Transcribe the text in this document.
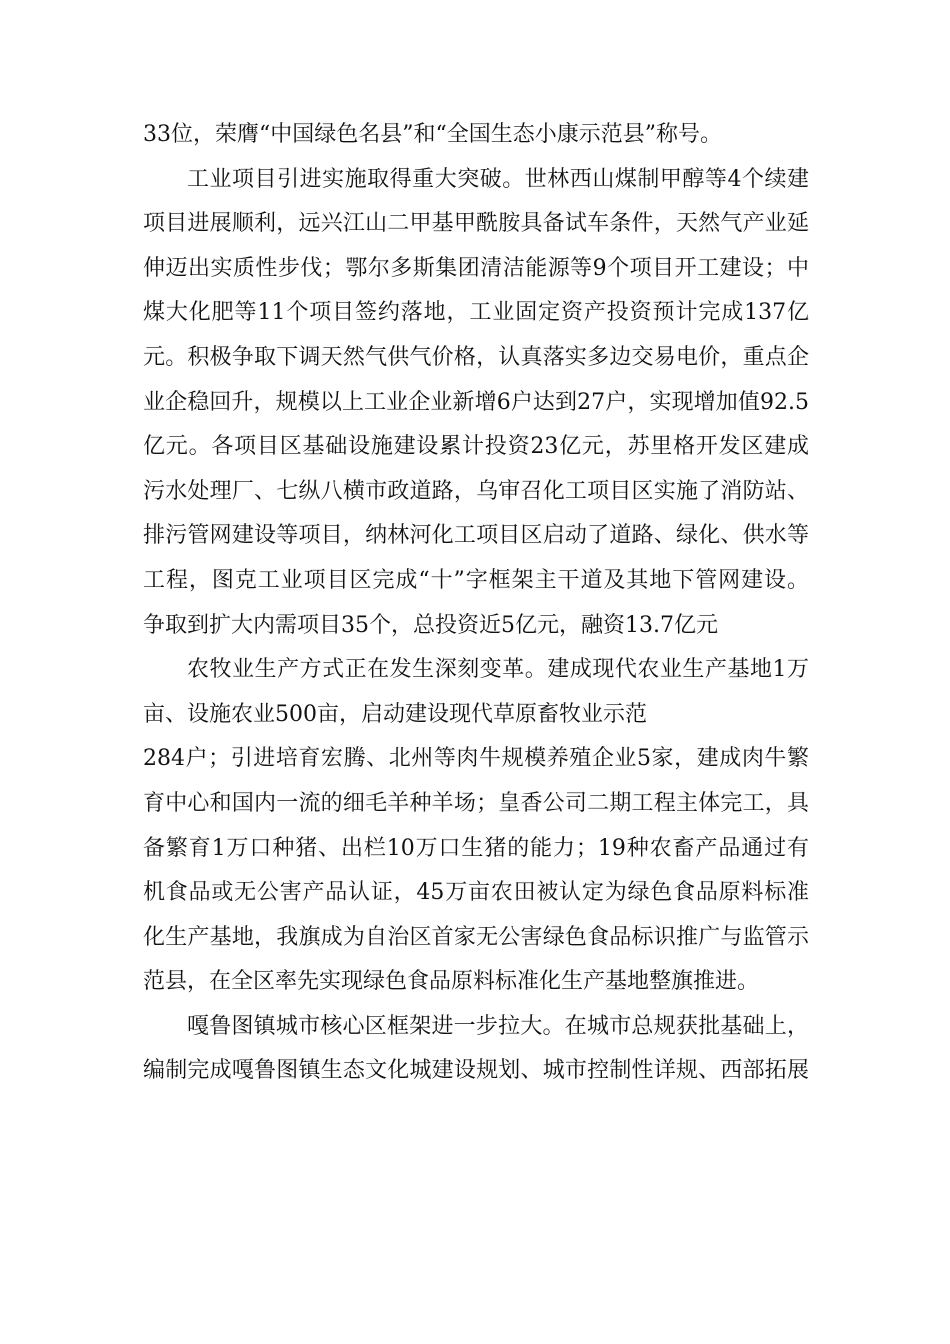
33位，荣膺“中国绿色名县”和“全国生态小康示范县”称号。
工业项目引进实施取得重大突破。世林西山煤制甲醇等4个续建
项目进展顺利，远兴江山二甲基甲酰胺具备试车条件，天然气产业延
伸迈出实质性步伐；鄂尔多斯集团清洁能源等9个项目开工建设；中
煤大化肥等11个项目签约落地，工业固定资产投资预计完成137亿
元。积极争取下调天然气供气价格，认真落实多边交易电价，重点企
业企稳回升，规模以上工业企业新增6户达到27户，实现增加值92.5
亿元。各项目区基础设施建设累计投资23亿元，苏里格开发区建成
污水处理厂、七纵八横市政道路，乌审召化工项目区实施了消防站、
排污管网建设等项目，纳林河化工项目区启动了道路、绿化、供水等
工程，图克工业项目区完成“十”字框架主干道及其地下管网建设。
争取到扩大内需项目35个，总投资近5亿元，融资13.7亿元
农牧业生产方式正在发生深刻变革。建成现代农业生产基地1万
亩、设施农业500亩，启动建设现代草原畜牧业示范
284户；引进培育宏腾、北州等肉牛规模养殖企业5家，建成肉牛繁
育中心和国内一流的细毛羊种羊场；皇香公司二期工程主体完工，具
备繁育1万口种猪、出栏10万口生猪的能力；19种农畜产品通过有
机食品或无公害产品认证，45万亩农田被认定为绿色食品原料标准
化生产基地，我旗成为自治区首家无公害绿色食品标识推广与监管示
范县，在全区率先实现绿色食品原料标准化生产基地整旗推进。
嘎鲁图镇城市核心区框架进一步拉大。在城市总规获批基础上，
编制完成嘎鲁图镇生态文化城建设规划、城市控制性详规、西部拓展
